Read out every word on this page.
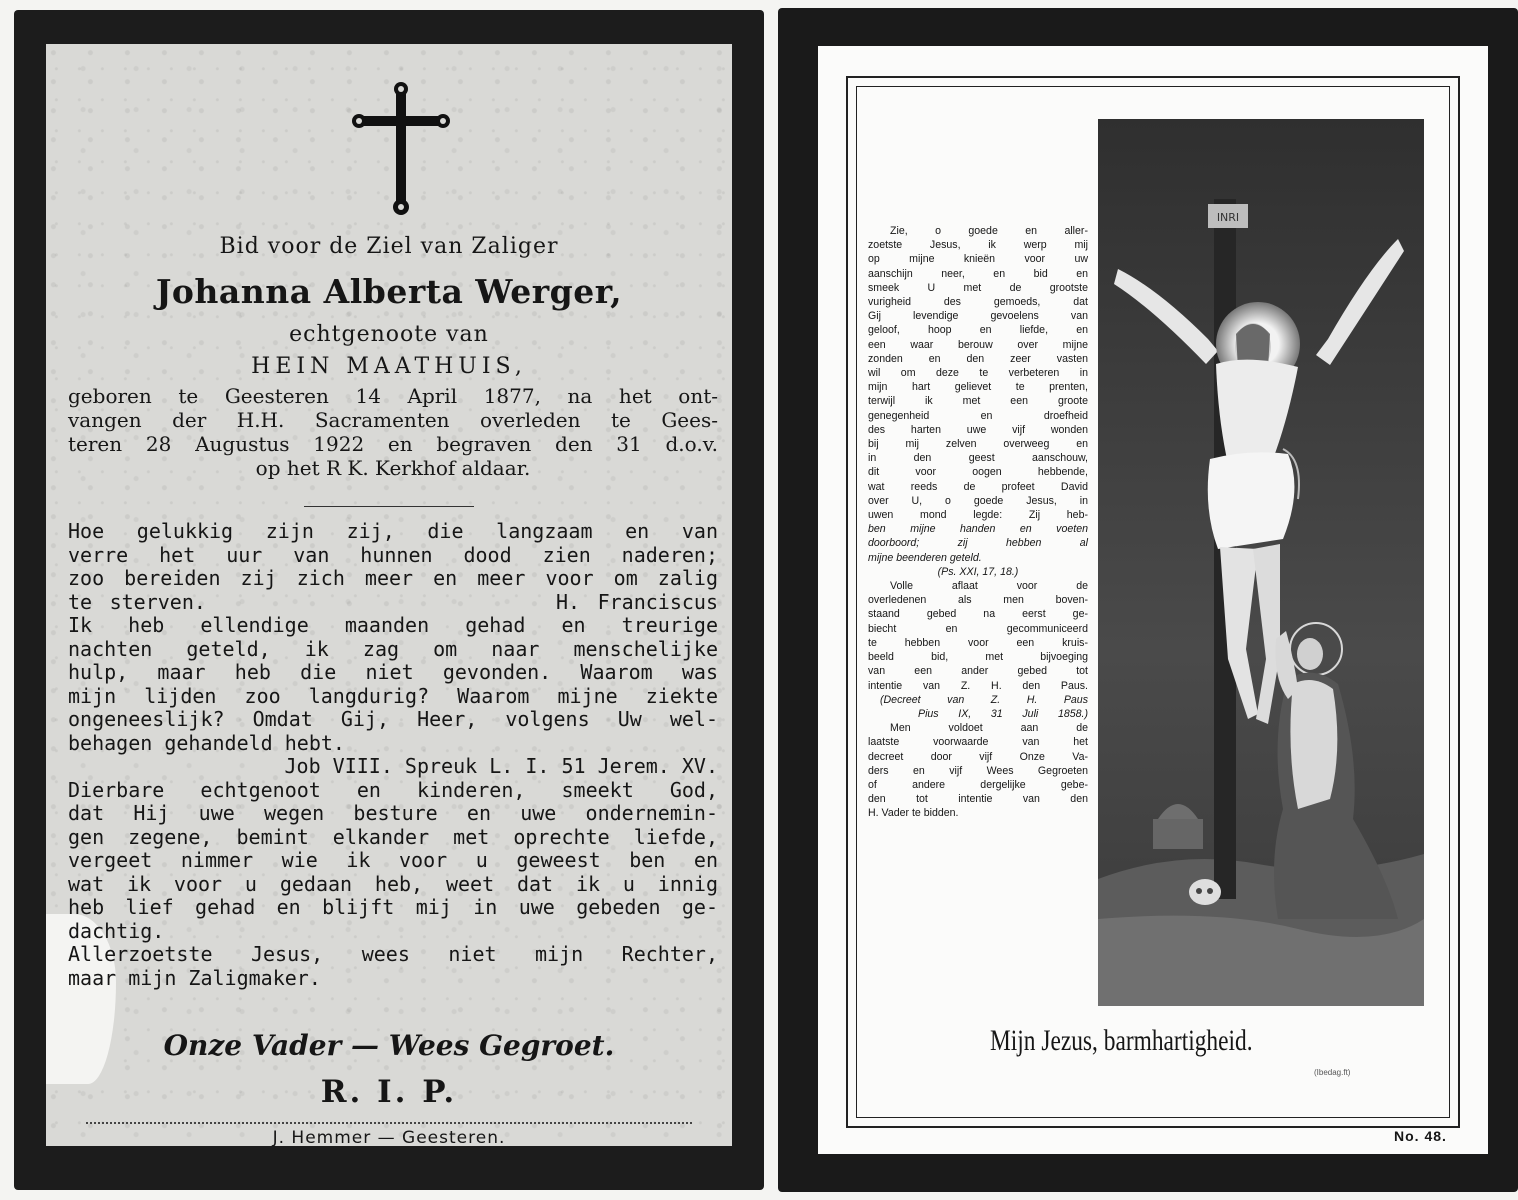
Bid voor de Ziel van Zaliger
Johanna Alberta Werger,
echtgenoote van
HEIN MAATHUIS,
geboren te Geesteren 14 April 1877, na het ont-
vangen der H.H. Sacramenten overleden te Gees-
teren 28 Augustus 1922 en begraven den 31 d.o.v.
op het R K. Kerkhof aldaar.
Hoe gelukkig zijn zij, die langzaam en van
verre het uur van hunnen dood zien naderen;
zoo bereiden zij zich meer en meer voor om zalig
te sterven.                    H. Franciscus
Ik heb ellendige maanden gehad en treurige
nachten geteld, ik zag om naar menschelijke
hulp, maar heb die niet gevonden. Waarom was
mijn lijden zoo langdurig? Waarom mijne ziekte
ongeneeslijk? Omdat Gij, Heer, volgens Uw wel-
behagen gehandeld hebt.
Job VIII. Spreuk L. I. 51 Jerem. XV.
Dierbare echtgenoot en kinderen, smeekt God,
dat Hij uwe wegen besture en uwe ondernemin-
gen zegene, bemint elkander met oprechte liefde,
vergeet nimmer wie ik voor u geweest ben en
wat ik voor u gedaan heb, weet dat ik u innig
heb lief gehad en blijft mij in uwe gebeden ge-
dachtig.
Allerzoetste Jesus, wees niet mijn Rechter,
maar mijn Zaligmaker.
Onze Vader — Wees Gegroet.
R. I. P.
J. Hemmer — Geesteren.
Zie, o goede en aller-
zoetste Jesus, ik werp mij
op mijne knieën voor uw
aanschijn neer, en bid en
smeek U met de grootste
vurigheid des gemoeds, dat
Gij levendige gevoelens van
geloof, hoop en liefde, en
een waar berouw over mijne
zonden en den zeer vasten
wil om deze te verbeteren in
mijn hart gelievet te prenten,
terwijl ik met een groote
genegenheid en droefheid
des harten uwe vijf wonden
bij mij zelven overweeg en
in den geest aanschouw,
dit voor oogen hebbende,
wat reeds de profeet David
over U, o goede Jesus, in
uwen mond legde: Zij heb-
ben mijne handen en voeten
doorboord; zij hebben al
mijne beenderen geteld.
(Ps. XXI, 17, 18.)
Volle aflaat voor de
overledenen als men boven-
staand gebed na eerst ge-
biecht en gecommuniceerd
te hebben voor een kruis-
beeld bid, met bijvoeging
van een ander gebed tot
intentie van Z. H. den Paus.
(Decreet van Z. H. Paus
Pius IX, 31 Juli 1858.)
Men voldoet aan de
laatste voorwaarde van het
decreet door vijf Onze Va-
ders en vijf Wees Gegroeten
of andere dergelijke gebe-
den tot intentie van den
H. Vader te bidden.
INRI
Mijn Jezus, barmhartigheid.
(Ibedag.ft)
No. 48.
